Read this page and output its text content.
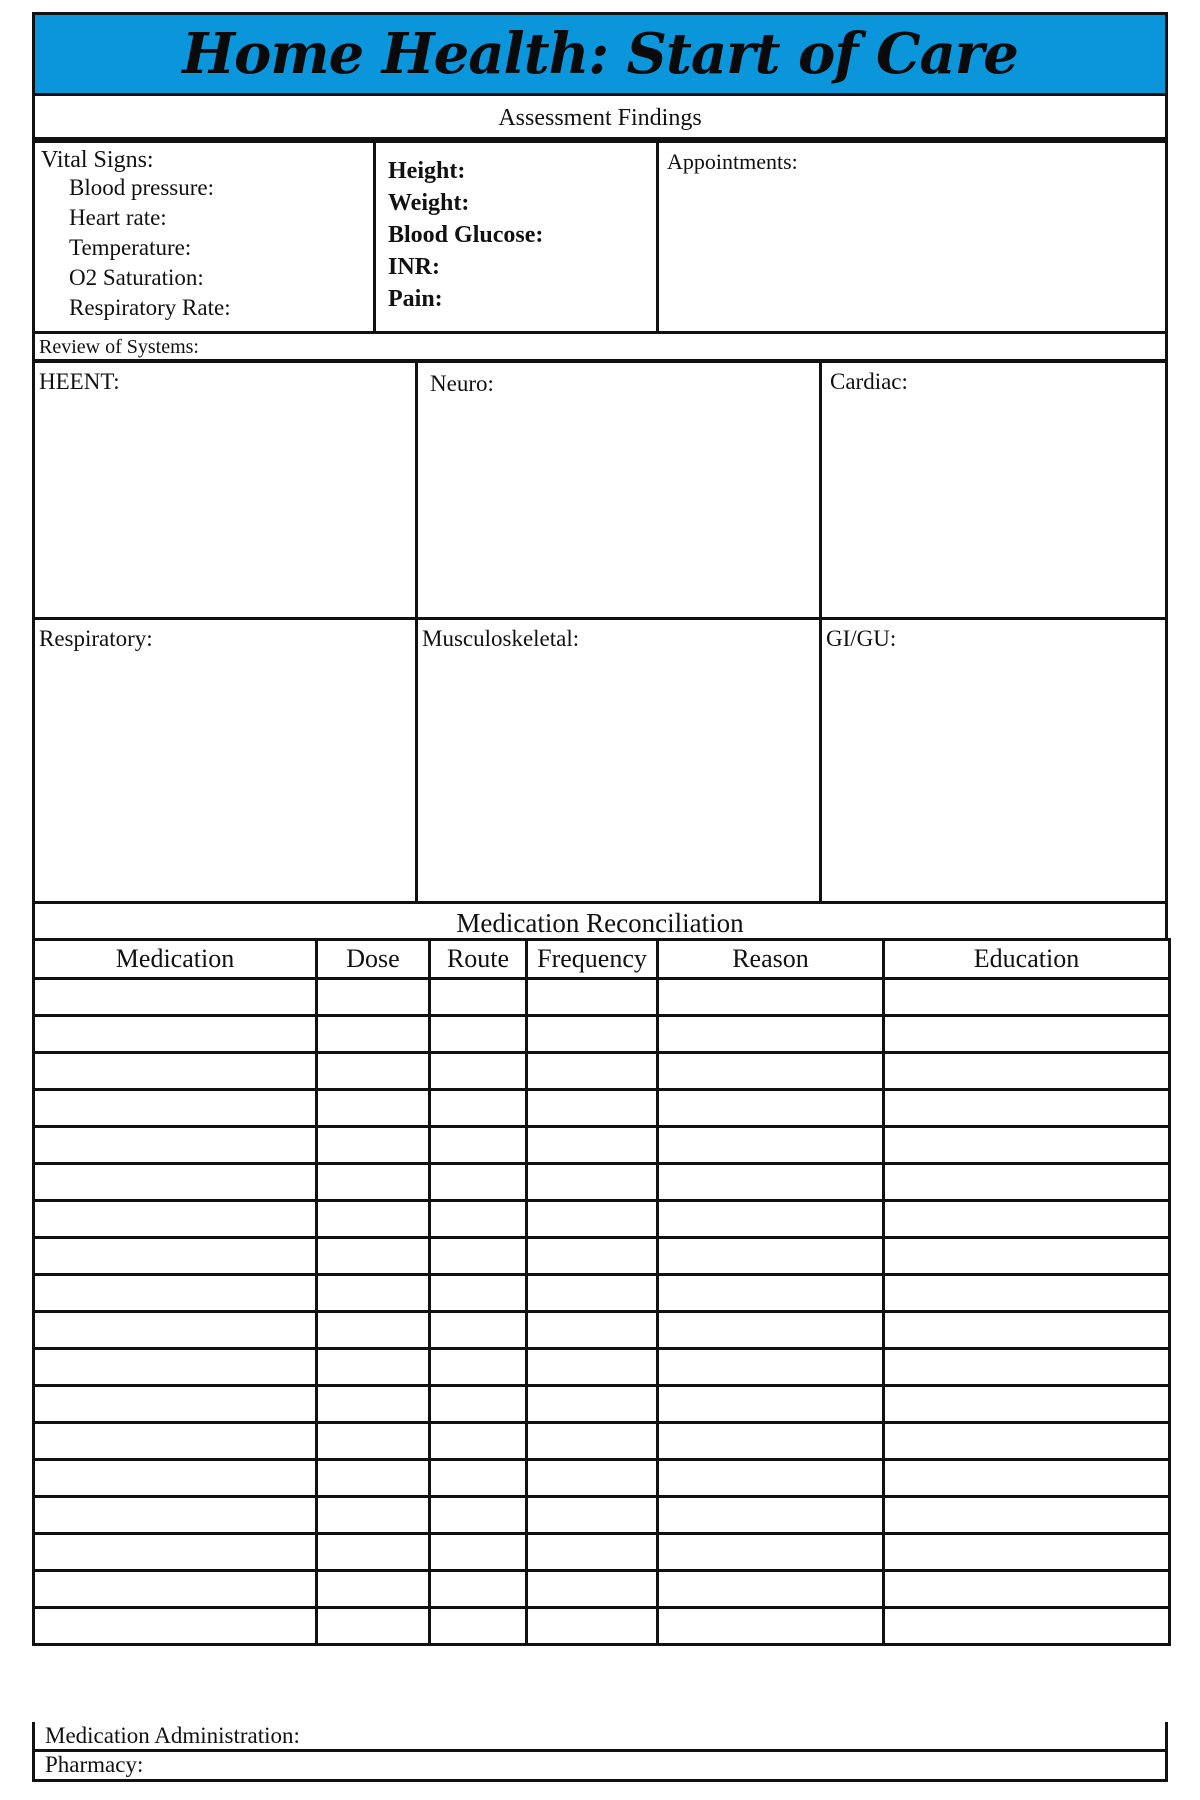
Home Health: Start of Care
Assessment Findings
Vital Signs:
Blood pressure:
Heart rate:
Temperature:
O2 Saturation:
Respiratory Rate:
Height:
Weight:
Blood Glucose:
INR:
Pain:
Appointments:
Review of Systems:
HEENT:	Neuro:	Cardiac:
Respiratory:	Musculoskeletal:	GI/GU:
Medication Reconciliation
Medication	Dose	Route	Frequency	Reason	Education

Medication Administration:
Pharmacy:
